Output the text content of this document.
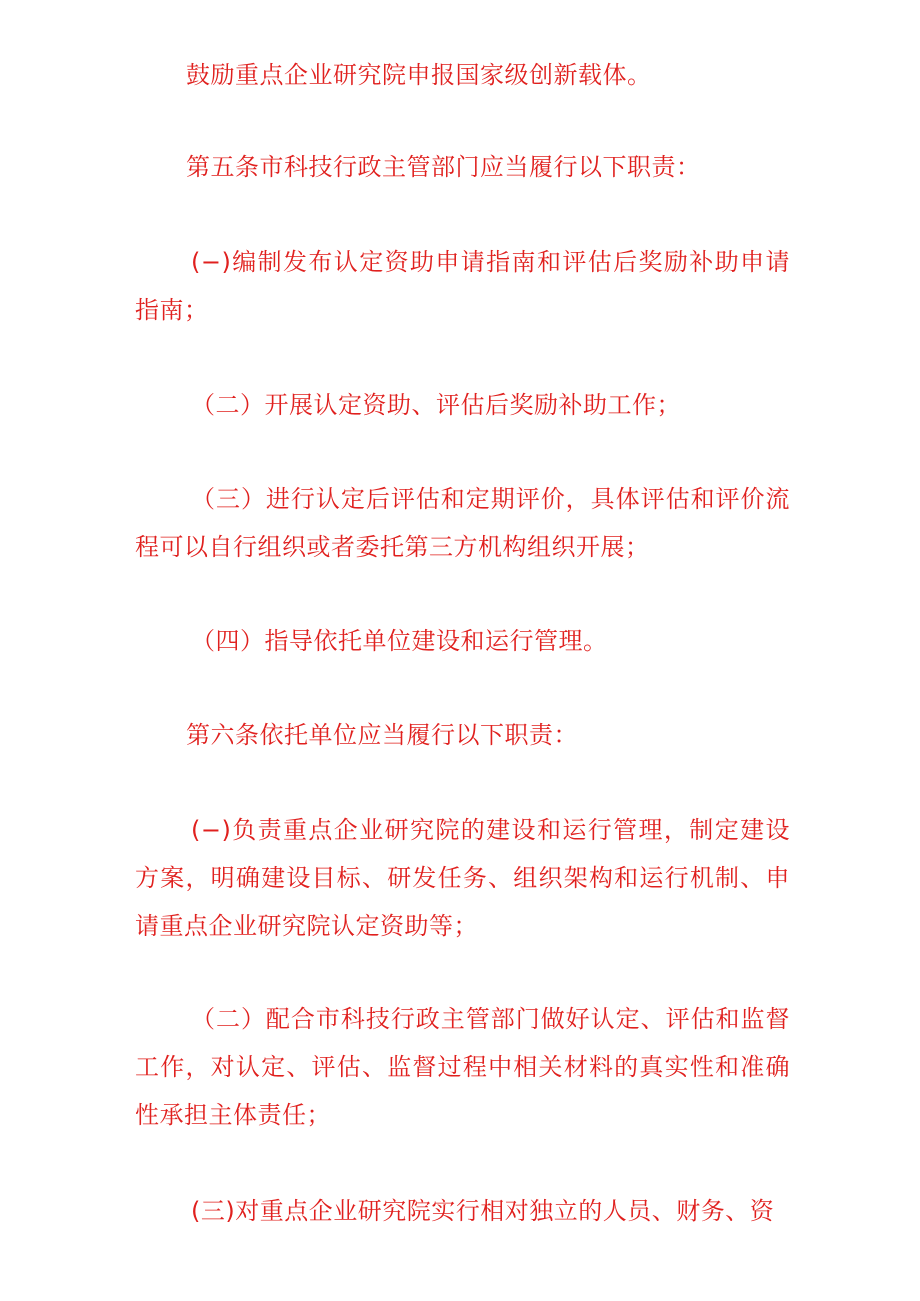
鼓励重点企业研究院申报国家级创新载体。

第五条市科技行政主管部门应当履行以下职责：

(−)编制发布认定资助申请指南和评估后奖励补助申请指南；

（二）开展认定资助、评估后奖励补助工作；

（三）进行认定后评估和定期评价，具体评估和评价流程可以自行组织或者委托第三方机构组织开展；

（四）指导依托单位建设和运行管理。

第六条依托单位应当履行以下职责：

(−)负责重点企业研究院的建设和运行管理，制定建设方案，明确建设目标、研发任务、组织架构和运行机制、申请重点企业研究院认定资助等；

（二）配合市科技行政主管部门做好认定、评估和监督工作，对认定、评估、监督过程中相关材料的真实性和准确性承担主体责任；

(三)对重点企业研究院实行相对独立的人员、财务、资
